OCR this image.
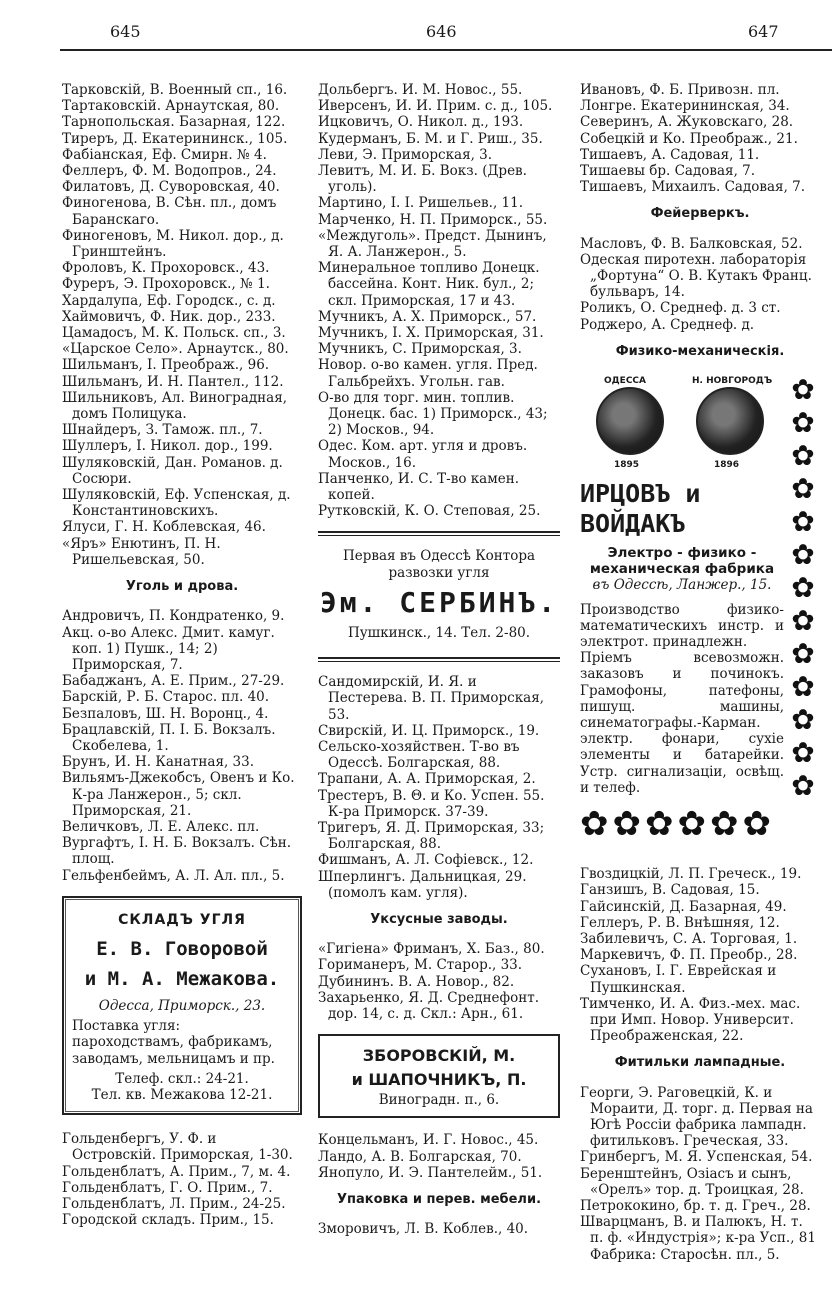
645	646	647

Тарковскій, В. Военный сп., 16.

Тартаковскій. Арнаутская, 80.

Тарнопольская. Базарная, 122.

Тиреръ, Д. Екатерининск., 105.

Фабіанская, Еф. Смирн. № 4.

Феллеръ, Ф. М. Водопров., 24.

Филатовъ, Д. Суворовская, 40.

Финогенова, В. Сѣн. пл., домъ Баранскаго.

Финогеновъ, М. Никол. дор., д. Гринштейнъ.

Фроловъ, К. Прохоровск., 43.

Фуреръ, Э. Прохоровск., № 1.

Хардалупа, Еф. Городск., с. д.

Хаймовичъ, Ф. Ник. дор., 233.

Цамадосъ, М. К. Польск. сп., 3.

«Царское Село». Арнаутск., 80.

Шильманъ, І. Преображ., 96.

Шильманъ, И. Н. Пантел., 112.

Шильниковъ, Ал. Виноградная, домъ Полицука.

Шнайдеръ, З. Тамож. пл., 7.

Шуллеръ, І. Никол. дор., 199.

Шуляковскій, Дан. Романов. д. Сосюри.

Шуляковскій, Еф. Успенская, д. Константиновскихъ.

Ялуси, Г. Н. Коблевская, 46.

«Яръ» Енютинъ, П. Н. Ришельевская, 50.

Уголь и дрова.

Андровичъ, П. Кондратенко, 9.

Акц. о-во Алекс. Дмит. камуг. коп. 1) Пушк., 14; 2) Приморская, 7.

Бабаджанъ, А. Е. Прим., 27-29.

Барскій, Р. Б. Старос. пл. 40.

Безпаловъ, Ш. Н. Воронц., 4.

Брацлавскій, П. І. Б. Вокзалъ. Скобелева, 1.

Брунъ, И. Н. Канатная, 33.

Вильямъ-Джекобсъ, Овенъ и Ко. К-ра Ланжерон., 5; скл. Приморская, 21.

Величковъ, Л. Е. Алекс. пл.

Вургафтъ, І. Н. Б. Вокзалъ. Сѣн. площ.

Гельфенбеймъ, А. Л. Ал. пл., 5.

СКЛАДЪ УГЛЯ
Е. В. Говоровой
и М. А. Межакова.
Одесса, Приморск., 23.
Поставка угля: пароходствамъ, фабрикамъ, заводамъ, мельницамъ и пр.
Телеф. скл.: 24-21.
Тел. кв. Межакова 12-21.

Гольденбергъ, У. Ф. и Островскій. Приморская, 1-30.

Гольденблатъ, А. Прим., 7, м. 4.

Гольденблатъ, Г. О. Прим., 7.

Гольденблатъ, Л. Прим., 24-25.

Городской складъ. Прим., 15.

Дольбергъ. И. М. Новос., 55.

Иверсенъ, И. И. Прим. с. д., 105.

Ицковичъ, О. Никол. д., 193.

Кудерманъ, Б. М. и Г. Риш., 35.

Леви, Э. Приморская, 3.

Левитъ, М. И. Б. Вокз. (Древ. уголь).

Мартино, І. І. Ришельев., 11.

Марченко, Н. П. Приморск., 55.

«Междуголь». Предст. Дынинъ, Я. А. Ланжерон., 5.

Минеральное топливо Донецк. бассейна. Конт. Ник. бул., 2; скл. Приморская, 17 и 43.

Мучникъ, А. Х. Приморск., 57.

Мучникъ, І. Х. Приморская, 31.

Мучникъ, С. Приморская, 3.

Новор. о-во камен. угля. Пред. Гальбрейхъ. Угольн. гав.

О-во для торг. мин. топлив. Донецк. бас. 1) Приморск., 43; 2) Москов., 94.

Одес. Ком. арт. угля и дровъ. Москов., 16.

Панченко, И. С. Т-во камен. копей.

Рутковскій, К. О. Степовая, 25.

Первая въ Одессѣ Контора
развозки угля
Эм. СЕРБИНЪ.
Пушкинск., 14. Тел. 2-80.

Сандомирскій, И. Я. и Пестерева. В. П. Приморская, 53.

Свирскій, И. Ц. Приморск., 19.

Сельско-хозяйствен. Т-во въ Одессѣ. Болгарская, 88.

Трапани, А. А. Приморская, 2.

Трестеръ, В. Θ. и Ко. Успен. 55. К-ра Приморск. 37-39.

Тригеръ, Я. Д. Приморская, 33; Болгарская, 88.

Фишманъ, А. Л. Софіевск., 12.

Шперлингъ. Дальницкая, 29. (помолъ кам. угля).

Уксусные заводы.

«Гигіена» Фриманъ, Х. Баз., 80.

Гориманеръ, М. Старор., 33.

Дубининъ. В. А. Новор., 82.

Захарьенко, Я. Д. Среднефонт. дор. 14, с. д. Скл.: Арн., 61.

ЗБОРОВСКІЙ, М.
и ШАПОЧНИКЪ, П.
Виноградн. п., 6.

Концельманъ, И. Г. Новос., 45.

Ландо, А. В. Болгарская, 70.

Янопуло, И. Э. Пантелейм., 51.

Упаковка и перев. мебели.

Зморовичъ, Л. В. Коблев., 40.

Ивановъ, Ф. Б. Привозн. пл.

Лонгре. Екатерининская, 34.

Северинъ, А. Жуковскаго, 28.

Собецкій и Ко. Преображ., 21.

Тишаевъ, А. Садовая, 11.

Тишаевы бр. Садовая, 7.

Тишаевъ, Михаилъ. Садовая, 7.

Фейерверкъ.

Масловъ, Ф. В. Балковская, 52.

Одеская пиротехн. лабораторія „Фортуна“ О. В. Кутакъ Франц. бульваръ, 14.

Роликъ, О. Среднеф. д. 3 ст.

Роджеро, А. Среднеф. д.

Физико-механическія.
✿
✿
✿
✿
✿
✿
✿
✿
✿
✿
✿
✿
✿
ОДЕССА
1895
Н. НОВГОРОДЪ
1896
ИРЦОВЪ и ВОЙДАКЪ
Электро - физико - механическая фабрика
въ Одессѣ, Ланжер., 15.
Производство физико-математическихъ инстр. и электрот. принадлежн.
Пріемъ всевозможн. заказовъ и починокъ. Грамофоны, патефоны, пишущ. машины, синематографы.-Карман. электр. фонари, сухіе элементы и батарейки. Устр. сигнализаціи, освѣщ. и телеф.
✿ ✿ ✿ ✿ ✿ ✿

Гвоздицкій, Л. П. Греческ., 19.

Ганзишъ, В. Садовая, 15.

Гайсинскій, Д. Базарная, 49.

Геллеръ, Р. В. Внѣшняя, 12.

Забилевичъ, С. А. Торговая, 1.

Маркевичъ, Ф. П. Преобр., 28.

Сухановъ, І. Г. Еврейская и Пушкинская.

Тимченко, И. А. Физ.-мех. мас. при Имп. Новор. Университ. Преображенская, 22.

Фитильки лампадные.

Георги, Э. Раговецкій, К. и Мораити, Д. торг. д. Первая на Югѣ Россіи фабрика лампадн. фитильковъ. Греческая, 33.

Гринбергъ, М. Я. Успенская, 54.

Беренштейнъ, Озіасъ и сынъ, «Орелъ» тор. д. Троицкая, 28.

Петрококино, бр. т. д. Греч., 28.

Шварцманъ, В. и Палюкъ, Н. т. п. ф. «Индустрія»; к-ра Усп., 81 Фабрика: Старосѣн. пл., 5.
